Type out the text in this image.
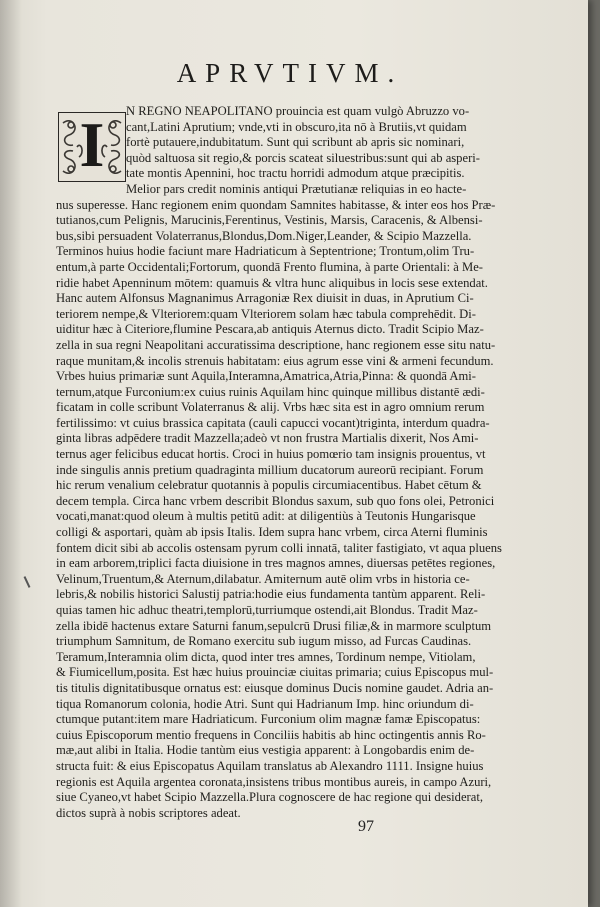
APRVTIVM.
I	N REGNO NEAPOLITANO prouincia est quam vulgò Abruzzo vo-
cant,Latini Aprutium; vnde,vti in obscuro,ita nō à Brutiis,vt quidam
fortè putauere,indubitatum. Sunt qui scribunt ab apris sic nominari,
quòd saltuosa sit regio,& porcis scateat siluestribus:sunt qui ab asperi-
tate montis Apennini, hoc tractu horridi admodum atque præcipitis.
Melior pars credit nominis antiqui Prætutianæ reliquias in eo hacte-
nus superesse. Hanc regionem enim quondam Samnites habitasse, & inter eos hos Præ-
tutianos,cum Pelignis, Marucinis,Ferentinus, Vestinis, Marsis, Caracenis, & Albensi-
bus,sibi persuadent Volaterranus,Blondus,Dom.Niger,Leander, & Scipio Mazzella.
Terminos huius hodie faciunt mare Hadriaticum à Septentrione; Trontum,olim Tru-
entum,à parte Occidentali;Fortorum, quondā Frento flumina, à parte Orientali: à Me-
ridie habet Apenninum mōtem: quamuis & vltra hunc aliquibus in locis sese extendat.
Hanc autem Alfonsus Magnanimus Arragoniæ Rex diuisit in duas, in Aprutium Ci-
teriorem nempe,& Vlteriorem:quam Vlteriorem solam hæc tabula comprehēdit. Di-
uiditur hæc à Citeriore,flumine Pescara,ab antiquis Aternus dicto. Tradit Scipio Maz-
zella in sua regni Neapolitani accuratissima descriptione, hanc regionem esse situ natu-
raque munitam,& incolis strenuis habitatam: eius agrum esse vini & armeni fecundum.
Vrbes huius primariæ sunt Aquila,Interamna,Amatrica,Atria,Pinna: & quondā Ami-
ternum,atque Furconium:ex cuius ruinis Aquilam hinc quinque millibus distantē ædi-
ficatam in colle scribunt Volaterranus & alij. Vrbs hæc sita est in agro omnium rerum
fertilissimo: vt cuius brassica capitata (cauli capucci vocant)triginta, interdum quadra-
ginta libras adpēdere tradit Mazzella;adeò vt non frustra Martialis dixerit, Nos Ami-
ternus ager felicibus educat hortis. Croci in huius pomœrio tam insignis prouentus, vt
inde singulis annis pretium quadraginta millium ducatorum aureorū recipiant. Forum
hic rerum venalium celebratur quotannis à populis circumiacentibus. Habet cētum &
decem templa. Circa hanc vrbem describit Blondus saxum, sub quo fons olei, Petronici
vocati,manat:quod oleum à multis petitū adit: at diligentiùs à Teutonis Hungarisque
colligi & asportari, quàm ab ipsis Italis. Idem supra hanc vrbem, circa Aterni fluminis
fontem dicit sibi ab accolis ostensam pyrum colli innatā, taliter fastigiato, vt aqua pluens
in eam arborem,triplici facta diuisione in tres magnos amnes, diuersas petētes regiones,
Velinum,Truentum,& Aternum,dilabatur. Amiternum autē olim vrbs in historia ce-
lebris,& nobilis historici Salustij patria:hodie eius fundamenta tantùm apparent. Reli-
quias tamen hic adhuc theatri,templorū,turriumque ostendi,ait Blondus. Tradit Maz-
zella ibidē hactenus extare Saturni fanum,sepulcrū Drusi filiæ,& in marmore sculptum
triumphum Samnitum, de Romano exercitu sub iugum misso, ad Furcas Caudinas.
Teramum,Interamnia olim dicta, quod inter tres amnes, Tordinum nempe, Vitiolam,
& Fiumicellum,posita. Est hæc huius prouinciæ ciuitas primaria; cuius Episcopus mul-
tis titulis dignitatibusque ornatus est: eiusque dominus Ducis nomine gaudet. Adria an-
tiqua Romanorum colonia, hodie Atri. Sunt qui Hadrianum Imp. hinc oriundum di-
ctumque putant:item mare Hadriaticum. Furconium olim magnæ famæ Episcopatus:
cuius Episcoporum mentio frequens in Conciliis habitis ab hinc octingentis annis Ro-
mæ,aut alibi in Italia. Hodie tantùm eius vestigia apparent: à Longobardis enim de-
structa fuit: & eius Episcopatus Aquilam translatus ab Alexandro 1111. Insigne huius
regionis est Aquila argentea coronata,insistens tribus montibus aureis, in campo Azuri,
siue Cyaneo,vt habet Scipio Mazzella.Plura cognoscere de hac regione qui desiderat,
dictos suprà à nobis scriptores adeat.
97
